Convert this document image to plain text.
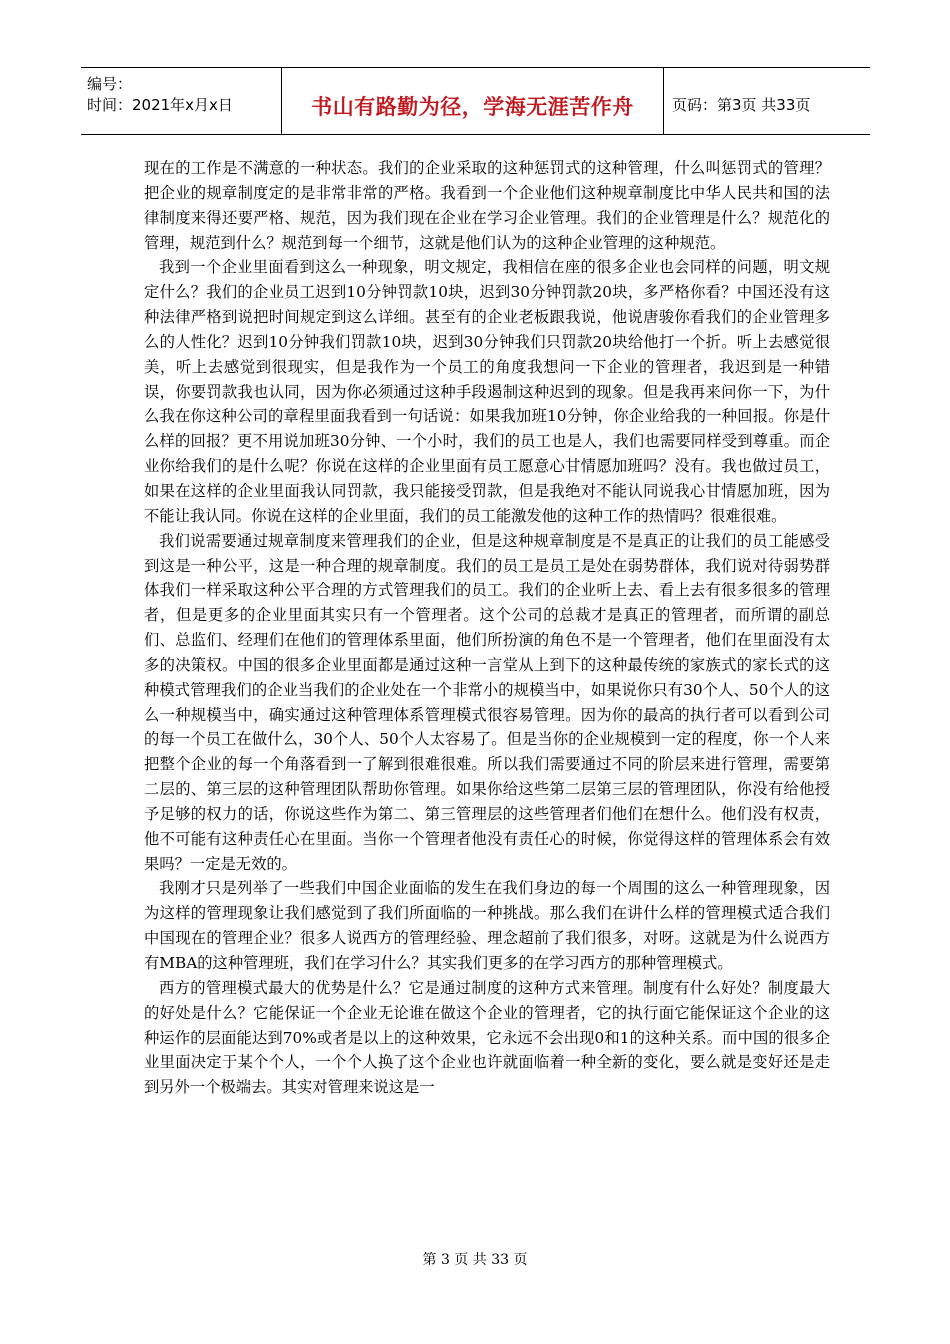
编号：
时间：2021年x月x日	书山有路勤为径，学海无涯苦作舟	页码：第3页 共33页

现在的工作是不满意的一种状态。我们的企业采取的这种惩罚式的这种管理，什么叫惩罚式的管理？把企业的规章制度定的是非常非常的严格。我看到一个企业他们这种规章制度比中华人民共和国的法律制度来得还要严格、规范，因为我们现在企业在学习企业管理。我们的企业管理是什么？规范化的管理，规范到什么？规范到每一个细节，这就是他们认为的这种企业管理的这种规范。

我到一个企业里面看到这么一种现象，明文规定，我相信在座的很多企业也会同样的问题，明文规定什么？我们的企业员工迟到10分钟罚款10块，迟到30分钟罚款20块，多严格你看？中国还没有这种法律严格到说把时间规定到这么详细。甚至有的企业老板跟我说，他说唐骏你看我们的企业管理多么的人性化？迟到10分钟我们罚款10块，迟到30分钟我们只罚款20块给他打一个折。听上去感觉很美，听上去感觉到很现实，但是我作为一个员工的角度我想问一下企业的管理者，我迟到是一种错误，你要罚款我也认同，因为你必须通过这种手段遏制这种迟到的现象。但是我再来问你一下，为什么我在你这种公司的章程里面我看到一句话说：如果我加班10分钟，你企业给我的一种回报。你是什么样的回报？更不用说加班30分钟、一个小时，我们的员工也是人，我们也需要同样受到尊重。而企业你给我们的是什么呢？你说在这样的企业里面有员工愿意心甘情愿加班吗？没有。我也做过员工，如果在这样的企业里面我认同罚款，我只能接受罚款，但是我绝对不能认同说我心甘情愿加班，因为不能让我认同。你说在这样的企业里面，我们的员工能激发他的这种工作的热情吗？很难很难。

我们说需要通过规章制度来管理我们的企业，但是这种规章制度是不是真正的让我们的员工能感受到这是一种公平，这是一种合理的规章制度。我们的员工是员工是处在弱势群体，我们说对待弱势群体我们一样采取这种公平合理的方式管理我们的员工。我们的企业听上去、看上去有很多很多的管理者，但是更多的企业里面其实只有一个管理者。这个公司的总裁才是真正的管理者，而所谓的副总们、总监们、经理们在他们的管理体系里面，他们所扮演的角色不是一个管理者，他们在里面没有太多的决策权。中国的很多企业里面都是通过这种一言堂从上到下的这种最传统的家族式的家长式的这种模式管理我们的企业当我们的企业处在一个非常小的规模当中，如果说你只有30个人、50个人的这么一种规模当中，确实通过这种管理体系管理模式很容易管理。因为你的最高的执行者可以看到公司的每一个员工在做什么，30个人、50个人太容易了。但是当你的企业规模到一定的程度，你一个人来把整个企业的每一个角落看到一了解到很难很难。所以我们需要通过不同的阶层来进行管理，需要第二层的、第三层的这种管理团队帮助你管理。如果你给这些第二层第三层的管理团队，你没有给他授予足够的权力的话，你说这些作为第二、第三管理层的这些管理者们他们在想什么。他们没有权责，他不可能有这种责任心在里面。当你一个管理者他没有责任心的时候，你觉得这样的管理体系会有效果吗？一定是无效的。

我刚才只是列举了一些我们中国企业面临的发生在我们身边的每一个周围的这么一种管理现象，因为这样的管理现象让我们感觉到了我们所面临的一种挑战。那么我们在讲什么样的管理模式适合我们中国现在的管理企业？很多人说西方的管理经验、理念超前了我们很多，对呀。这就是为什么说西方有MBA的这种管理班，我们在学习什么？其实我们更多的在学习西方的那种管理模式。

西方的管理模式最大的优势是什么？它是通过制度的这种方式来管理。制度有什么好处？制度最大的好处是什么？它能保证一个企业无论谁在做这个企业的管理者，它的执行面它能保证这个企业的这种运作的层面能达到70%或者是以上的这种效果，它永远不会出现0和1的这种关系。而中国的很多企业里面决定于某个个人，一个个人换了这个企业也许就面临着一种全新的变化，要么就是变好还是走到另外一个极端去。其实对管理来说这是一

第 3 页 共 33 页
